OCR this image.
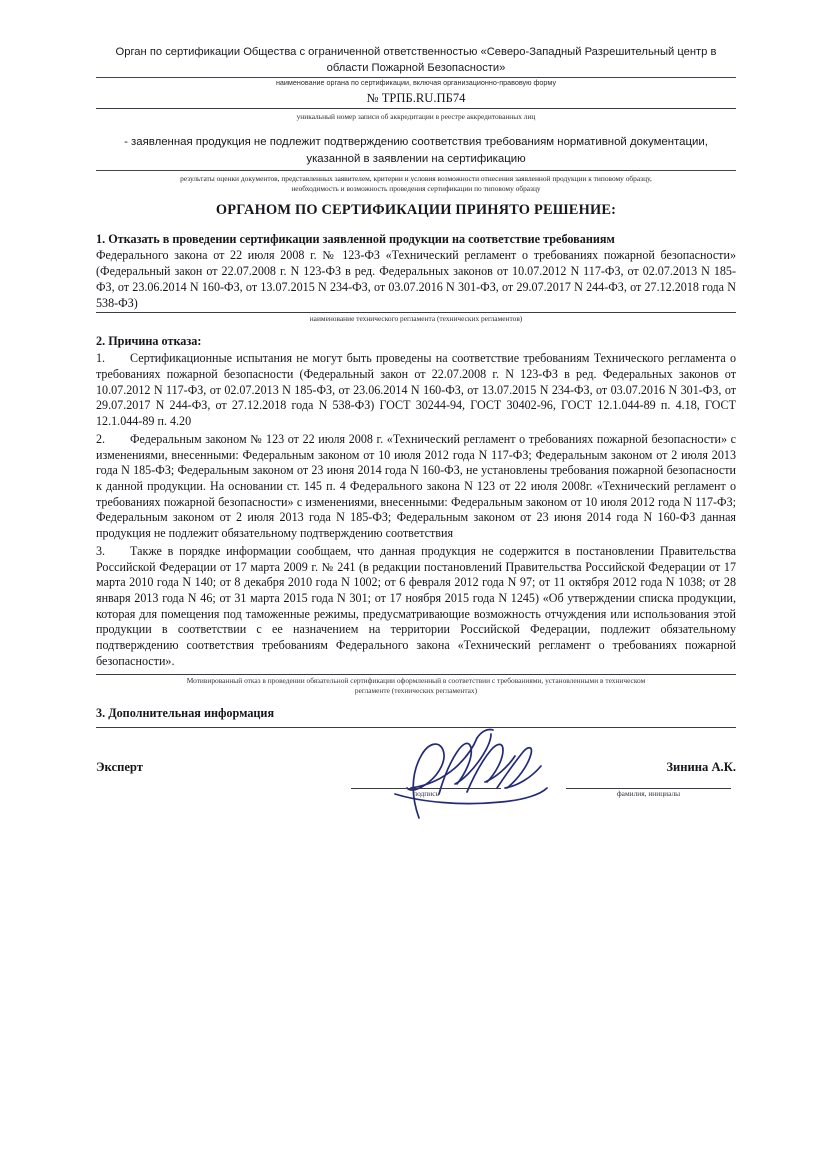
Орган по сертификации Общества с ограниченной ответственностью «Северо-Западный Разрешительный центр в области Пожарной Безопасности»
наименование органа по сертификации, включая организационно-правовую форму
№ ТРПБ.RU.ПБ74
уникальный номер записи об аккредитации в реестре аккредитованных лиц
- заявленная продукция не подлежит подтверждению соответствия требованиям нормативной документации, указанной в заявлении на сертификацию
результаты оценки документов, представленных заявителем, критерии и условия возможности отнесения заявленной продукции к типовому образцу,
необходимость и возможность проведения сертификации по типовому образцу
ОРГАНОМ ПО СЕРТИФИКАЦИИ ПРИНЯТО РЕШЕНИЕ:
1. Отказать в проведении сертификации заявленной продукции на соответствие требованиям
Федерального закона от 22 июля 2008 г. № 123-ФЗ «Технический регламент о требованиях пожарной безопасности» (Федеральный закон от 22.07.2008 г. N 123-ФЗ в ред. Федеральных законов от 10.07.2012 N 117-ФЗ, от 02.07.2013 N 185-ФЗ, от 23.06.2014 N 160-ФЗ, от 13.07.2015 N 234-ФЗ, от 03.07.2016 N 301-ФЗ, от 29.07.2017 N 244-ФЗ, от 27.12.2018 года N 538-ФЗ)
наименование технического регламента (технических регламентов)
2. Причина отказа:
1. Сертификационные испытания не могут быть проведены на соответствие требованиям Технического регламента о требованиях пожарной безопасности (Федеральный закон от 22.07.2008 г. N 123-ФЗ в ред. Федеральных законов от 10.07.2012 N 117-ФЗ, от 02.07.2013 N 185-ФЗ, от 23.06.2014 N 160-ФЗ, от 13.07.2015 N 234-ФЗ, от 03.07.2016 N 301-ФЗ, от 29.07.2017 N 244-ФЗ, от 27.12.2018 года N 538-ФЗ) ГОСТ 30244-94, ГОСТ 30402-96, ГОСТ 12.1.044-89 п. 4.18, ГОСТ 12.1.044-89 п. 4.20
2. Федеральным законом № 123 от 22 июля 2008 г. «Технический регламент о требованиях пожарной безопасности» с изменениями, внесенными: Федеральным законом от 10 июля 2012 года N 117-ФЗ; Федеральным законом от 2 июля 2013 года N 185-ФЗ; Федеральным законом от 23 июня 2014 года N 160-ФЗ, не установлены требования пожарной безопасности к данной продукции. На основании ст. 145 п. 4 Федерального закона N 123 от 22 июля 2008г. «Технический регламент о требованиях пожарной безопасности» с изменениями, внесенными: Федеральным законом от 10 июля 2012 года N 117-ФЗ; Федеральным законом от 2 июля 2013 года N 185-ФЗ; Федеральным законом от 23 июня 2014 года N 160-ФЗ данная продукция не подлежит обязательному подтверждению соответствия
3. Также в порядке информации сообщаем, что данная продукция не содержится в постановлении Правительства Российской Федерации от 17 марта 2009 г. № 241 (в редакции постановлений Правительства Российской Федерации от 17 марта 2010 года N 140; от 8 декабря 2010 года N 1002; от 6 февраля 2012 года N 97; от 11 октября 2012 года N 1038; от 28 января 2013 года N 46; от 31 марта 2015 года N 301; от 17 ноября 2015 года N 1245) «Об утверждении списка продукции, которая для помещения под таможенные режимы, предусматривающие возможность отчуждения или использования этой продукции в соответствии с ее назначением на территории Российской Федерации, подлежит обязательному подтверждению соответствия требованиям Федерального закона «Технический регламент о требованиях пожарной безопасности».
Мотивированный отказ в проведении обязательной сертификации оформленный в соответствии с требованиями, установленными в техническом
регламенте (технических регламентах)
3. Дополнительная информация
Эксперт	Зинина А.К.
подпись	фамилия, инициалы
